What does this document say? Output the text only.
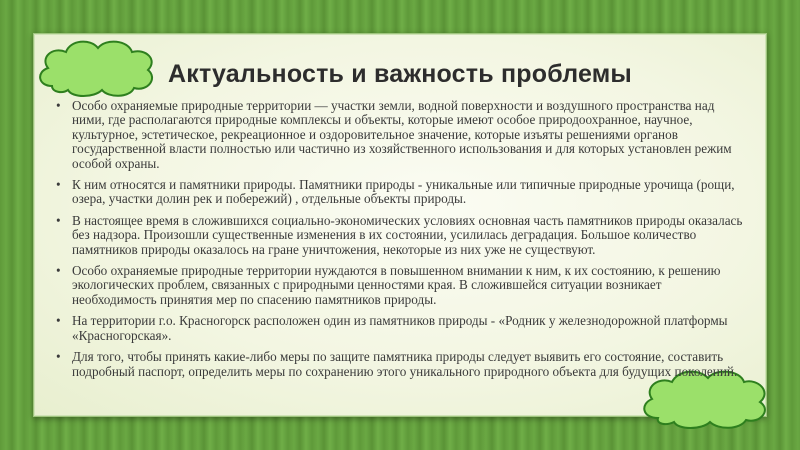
Актуальность и важность проблемы
• Особо охраняемые природные территории — участки земли, водной поверхности и воздушного пространства над ними, где располагаются природные комплексы и объекты, которые имеют особое природоохранное, научное, культурное, эстетическое, рекреационное и оздоровительное значение, которые изъяты решениями органов государственной власти полностью или частично из хозяйственного использования и для которых установлен режим особой охраны.
• К ним относятся и памятники природы. Памятники природы - уникальные или типичные природные урочища (рощи, озера, участки долин рек и побережий) , отдельные объекты природы.
• В настоящее время в сложившихся социально-экономических условиях основная часть памятников природы оказалась без надзора. Произошли существенные изменения в их состоянии, усилилась деградация. Большое количество памятников природы оказалось на гране уничтожения, некоторые из них уже не существуют.
• Особо охраняемые природные территории нуждаются в повышенном внимании к ним, к их состоянию, к решению экологических проблем, связанных с природными ценностями края. В сложившейся ситуации возникает необходимость принятия мер по спасению памятников природы.
• На территории г.о. Красногорск расположен один из памятников природы - «Родник у железнодорожной платформы «Красногорская».
• Для того, чтобы принять какие-либо меры по защите памятника природы следует выявить его состояние, составить подробный паспорт, определить меры по сохранению этого уникального природного объекта для будущих поколений.
